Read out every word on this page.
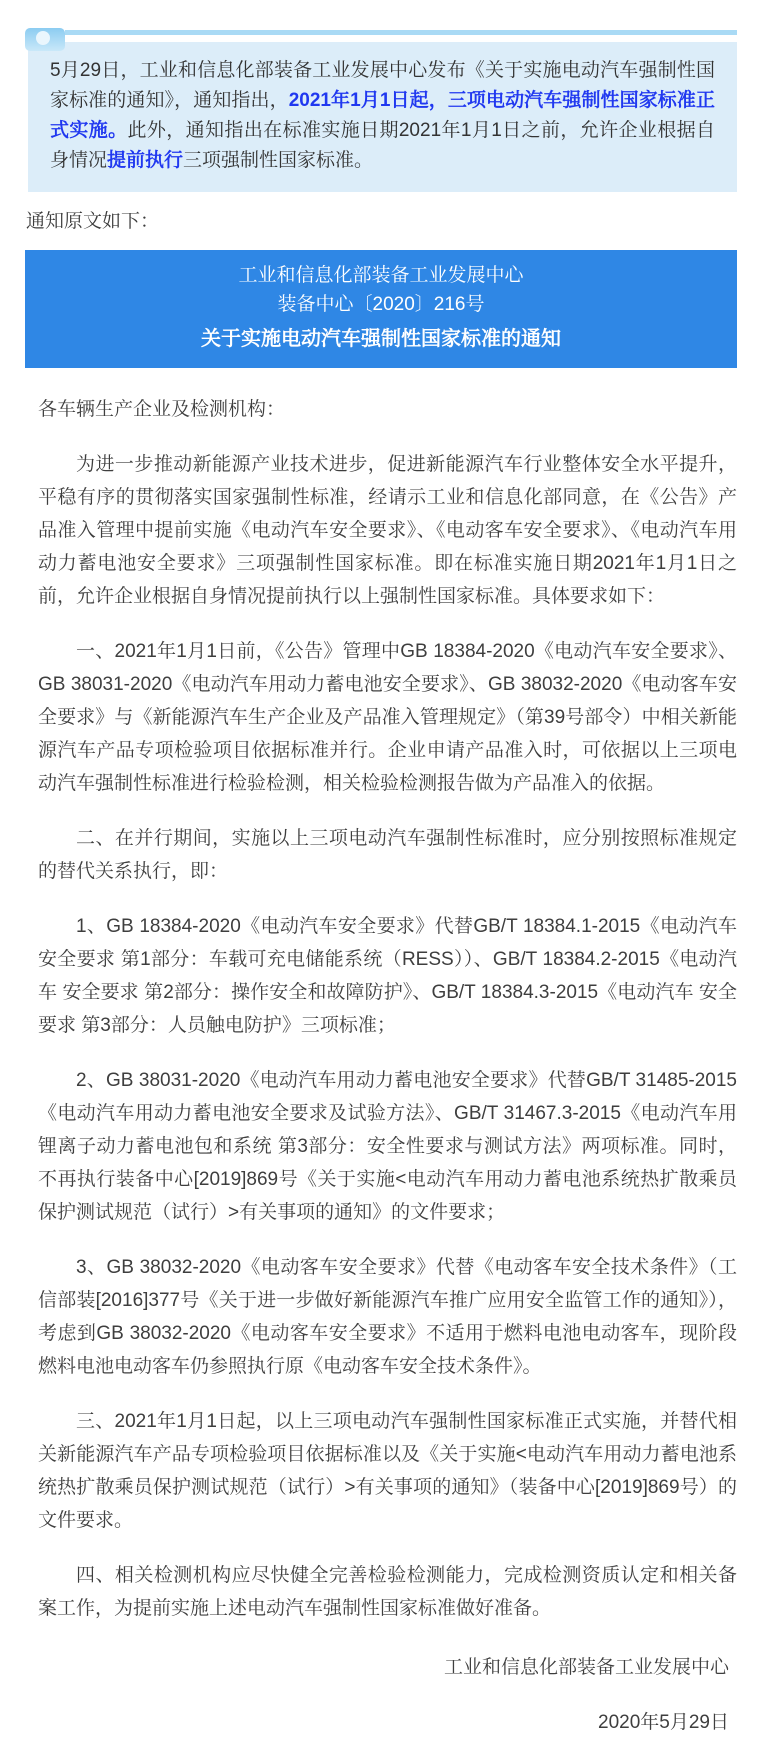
5月29日，工业和信息化部装备工业发展中心发布《关于实施电动汽车强制性国家标准的通知》，通知指出，2021年1月1日起，三项电动汽车强制性国家标准正式实施。此外，通知指出在标准实施日期2021年1月1日之前，允许企业根据自身情况提前执行三项强制性国家标准。
通知原文如下：
工业和信息化部装备工业发展中心
装备中心〔2020〕216号
关于实施电动汽车强制性国家标准的通知

各车辆生产企业及检测机构：

为进一步推动新能源产业技术进步，促进新能源汽车行业整体安全水平提升，平稳有序的贯彻落实国家强制性标准，经请示工业和信息化部同意，在《公告》产品准入管理中提前实施《电动汽车安全要求》、《电动客车安全要求》、《电动汽车用动力蓄电池安全要求》三项强制性国家标准。即在标准实施日期2021年1月1日之前，允许企业根据自身情况提前执行以上强制性国家标准。具体要求如下：

一、2021年1月1日前，《公告》管理中GB 18384-2020《电动汽车安全要求》、GB 38031-2020《电动汽车用动力蓄电池安全要求》、GB 38032-2020《电动客车安全要求》与《新能源汽车生产企业及产品准入管理规定》（第39号部令）中相关新能源汽车产品专项检验项目依据标准并行。企业申请产品准入时，可依据以上三项电动汽车强制性标准进行检验检测，相关检验检测报告做为产品准入的依据。

二、在并行期间，实施以上三项电动汽车强制性标准时，应分别按照标准规定的替代关系执行，即：

1、GB 18384-2020《电动汽车安全要求》代替GB/T 18384.1-2015《电动汽车 安全要求 第1部分：车载可充电储能系统（RESS））、GB/T 18384.2-2015《电动汽车 安全要求 第2部分：操作安全和故障防护》、GB/T 18384.3-2015《电动汽车 安全要求 第3部分：人员触电防护》三项标准；

2、GB 38031-2020《电动汽车用动力蓄电池安全要求》代替GB/T 31485-2015《电动汽车用动力蓄电池安全要求及试验方法》、GB/T 31467.3-2015《电动汽车用锂离子动力蓄电池包和系统 第3部分：安全性要求与测试方法》两项标准。同时，不再执行装备中心[2019]869号《关于实施<电动汽车用动力蓄电池系统热扩散乘员保护测试规范（试行）>有关事项的通知》的文件要求；

3、GB 38032-2020《电动客车安全要求》代替《电动客车安全技术条件》（工信部装[2016]377号《关于进一步做好新能源汽车推广应用安全监管工作的通知》），考虑到GB 38032-2020《电动客车安全要求》不适用于燃料电池电动客车，现阶段燃料电池电动客车仍参照执行原《电动客车安全技术条件》。

三、2021年1月1日起，以上三项电动汽车强制性国家标准正式实施，并替代相关新能源汽车产品专项检验项目依据标准以及《关于实施<电动汽车用动力蓄电池系统热扩散乘员保护测试规范（试行）>有关事项的通知》（装备中心[2019]869号）的文件要求。

四、相关检测机构应尽快健全完善检验检测能力，完成检测资质认定和相关备案工作，为提前实施上述电动汽车强制性国家标准做好准备。

工业和信息化部装备工业发展中心

2020年5月29日
